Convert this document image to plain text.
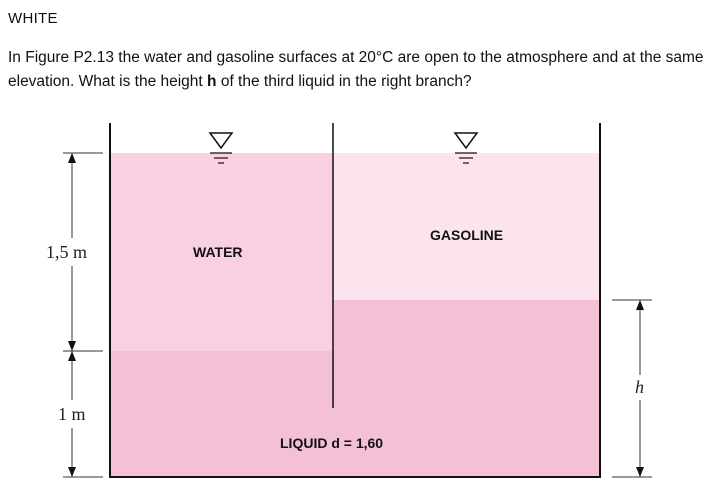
WHITE
In Figure P2.13 the water and gasoline surfaces at 20°C are open to the atmosphere and at the same elevation. What is the height h of the third liquid in the right branch?
1,5 m
1 m
h
WATER
GASOLINE
LIQUID d = 1,60
